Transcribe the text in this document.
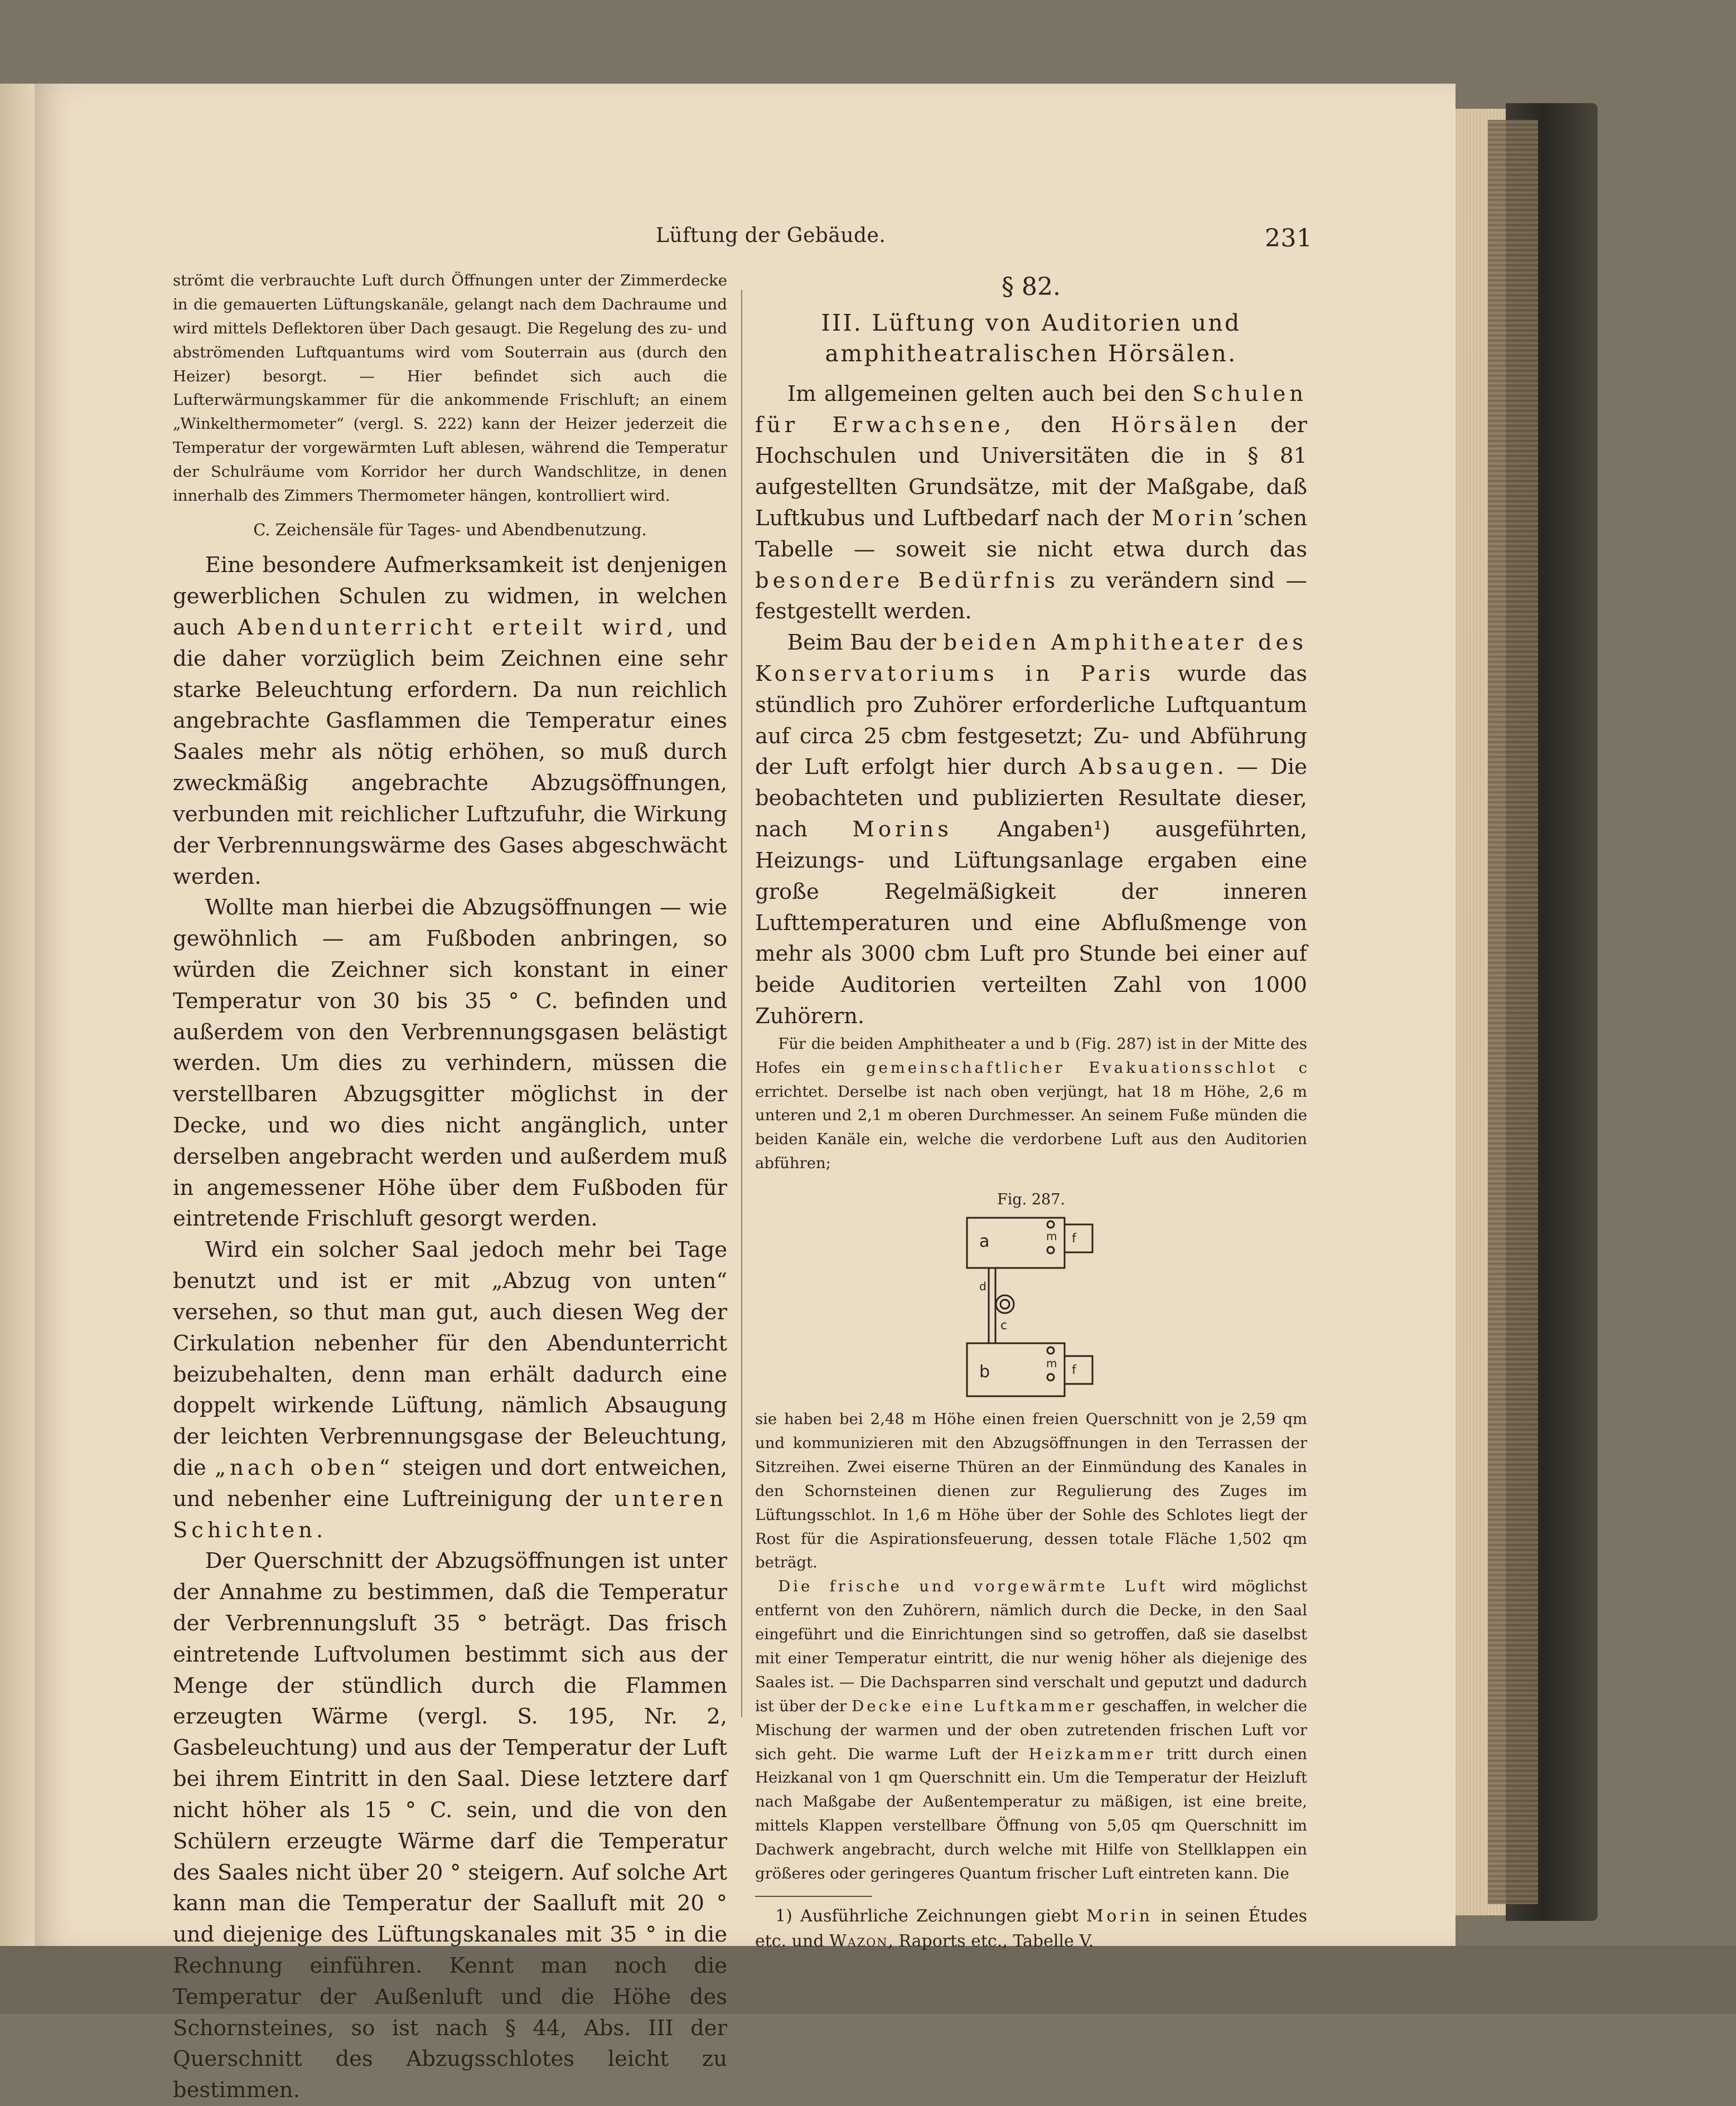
Lüftung der Gebäude.	231

strömt die verbrauchte Luft durch Öffnungen unter der Zimmerdecke in die gemauerten Lüftungskanäle, gelangt nach dem Dachraume und wird mittels Deflektoren über Dach gesaugt. Die Regelung des zu- und abströmenden Luftquantums wird vom Souterrain aus (durch den Heizer) besorgt. — Hier befindet sich auch die Lufterwärmungskammer für die ankommende Frischluft; an einem „Winkelthermometer“ (vergl. S. 222) kann der Heizer jederzeit die Temperatur der vorgewärmten Luft ablesen, während die Temperatur der Schulräume vom Korridor her durch Wandschlitze, in denen innerhalb des Zimmers Thermometer hängen, kontrolliert wird.

C. Zeichensäle für Tages- und Abendbenutzung.

Eine besondere Aufmerksamkeit ist denjenigen gewerblichen Schulen zu widmen, in welchen auch Abendunterricht erteilt wird, und die daher vorzüglich beim Zeichnen eine sehr starke Beleuchtung erfordern. Da nun reichlich angebrachte Gasflammen die Temperatur eines Saales mehr als nötig erhöhen, so muß durch zweckmäßig angebrachte Abzugsöffnungen, verbunden mit reichlicher Luftzufuhr, die Wirkung der Verbrennungswärme des Gases abgeschwächt werden.

Wollte man hierbei die Abzugsöffnungen — wie gewöhnlich — am Fußboden anbringen, so würden die Zeichner sich konstant in einer Temperatur von 30 bis 35 ° C. befinden und außerdem von den Verbrennungsgasen belästigt werden. Um dies zu verhindern, müssen die verstellbaren Abzugsgitter möglichst in der Decke, und wo dies nicht angänglich, unter derselben angebracht werden und außerdem muß in angemessener Höhe über dem Fußboden für eintretende Frischluft gesorgt werden.

Wird ein solcher Saal jedoch mehr bei Tage benutzt und ist er mit „Abzug von unten“ versehen, so thut man gut, auch diesen Weg der Cirkulation nebenher für den Abendunterricht beizubehalten, denn man erhält dadurch eine doppelt wirkende Lüftung, nämlich Absaugung der leichten Verbrennungsgase der Beleuchtung, die „nach oben“ steigen und dort entweichen, und nebenher eine Luftreinigung der unteren Schichten.

Der Querschnitt der Abzugsöffnungen ist unter der Annahme zu bestimmen, daß die Temperatur der Verbrennungsluft 35 ° beträgt. Das frisch eintretende Luftvolumen bestimmt sich aus der Menge der stündlich durch die Flammen erzeugten Wärme (vergl. S. 195, Nr. 2, Gasbeleuchtung) und aus der Temperatur der Luft bei ihrem Eintritt in den Saal. Diese letztere darf nicht höher als 15 ° C. sein, und die von den Schülern erzeugte Wärme darf die Temperatur des Saales nicht über 20 ° steigern. Auf solche Art kann man die Temperatur der Saalluft mit 20 ° und diejenige des Lüftungskanales mit 35 ° in die Rechnung einführen. Kennt man noch die Temperatur der Außenluft und die Höhe des Schornsteines, so ist nach § 44, Abs. III der Querschnitt des Abzugsschlotes leicht zu bestimmen.

§ 82.

III. Lüftung von Auditorien und amphitheatralischen Hörsälen.

Im allgemeinen gelten auch bei den Schulen für Erwachsene, den Hörsälen der Hochschulen und Universitäten die in § 81 aufgestellten Grundsätze, mit der Maßgabe, daß Luftkubus und Luftbedarf nach der Morin’schen Tabelle — soweit sie nicht etwa durch das besondere Bedürfnis zu verändern sind — festgestellt werden.

Beim Bau der beiden Amphitheater des Konservatoriums in Paris wurde das stündlich pro Zuhörer erforderliche Luftquantum auf circa 25 cbm festgesetzt; Zu- und Abführung der Luft erfolgt hier durch Absaugen. — Die beobachteten und publizierten Resultate dieser, nach Morins Angaben¹) ausgeführten, Heizungs- und Lüftungsanlage ergaben eine große Regelmäßigkeit der inneren Lufttemperaturen und eine Abflußmenge von mehr als 3000 cbm Luft pro Stunde bei einer auf beide Auditorien verteilten Zahl von 1000 Zuhörern.

Für die beiden Amphitheater a und b (Fig. 287) ist in der Mitte des Hofes ein gemeinschaftlicher Evakuationsschlot c errichtet. Derselbe ist nach oben verjüngt, hat 18 m Höhe, 2,6 m unteren und 2,1 m oberen Durchmesser. An seinem Fuße münden die beiden Kanäle ein, welche die verdorbene Luft aus den Auditorien abführen;

Fig. 287.
a
b
c
d
f
f
m
m

sie haben bei 2,48 m Höhe einen freien Querschnitt von je 2,59 qm und kommunizieren mit den Abzugsöffnungen in den Terrassen der Sitzreihen. Zwei eiserne Thüren an der Einmündung des Kanales in den Schornsteinen dienen zur Regulierung des Zuges im Lüftungsschlot. In 1,6 m Höhe über der Sohle des Schlotes liegt der Rost für die Aspirationsfeuerung, dessen totale Fläche 1,502 qm beträgt.

Die frische und vorgewärmte Luft wird möglichst entfernt von den Zuhörern, nämlich durch die Decke, in den Saal eingeführt und die Einrichtungen sind so getroffen, daß sie daselbst mit einer Temperatur eintritt, die nur wenig höher als diejenige des Saales ist. — Die Dachsparren sind verschalt und geputzt und dadurch ist über der Decke eine Luftkammer geschaffen, in welcher die Mischung der warmen und der oben zutretenden frischen Luft vor sich geht. Die warme Luft der Heizkammer tritt durch einen Heizkanal von 1 qm Querschnitt ein. Um die Temperatur der Heizluft nach Maßgabe der Außentemperatur zu mäßigen, ist eine breite, mittels Klappen verstellbare Öffnung von 5,05 qm Querschnitt im Dachwerk angebracht, durch welche mit Hilfe von Stellklappen ein größeres oder geringeres Quantum frischer Luft eintreten kann. Die

1) Ausführliche Zeichnungen giebt Morin in seinen Études etc. und Wazon, Raports etc., Tabelle V.
